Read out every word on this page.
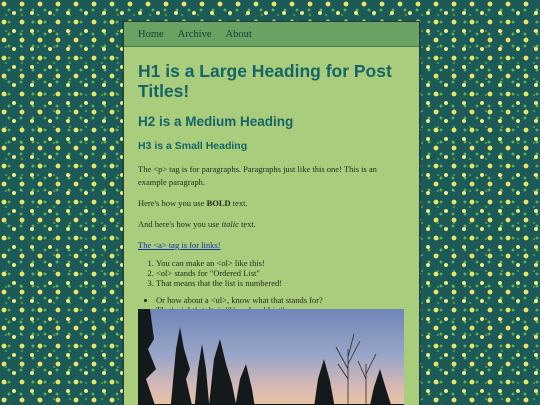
Home Archive About
H1 is a Large Heading for Post Titles!
H2 is a Medium Heading
H3 is a Small Heading

The <p> tag is for paragraphs. Paragraphs just like this one! This is an example paragraph.

Here's how you use BOLD text.

And here's how you use italic text.

The <a> tag is for links!

1. You can make an <ol> like this!
2. <ol> stands for "Ordered List"
3. That means that the list is numbered!
• Or how about a <ul>, know what that stands for?
•
•
